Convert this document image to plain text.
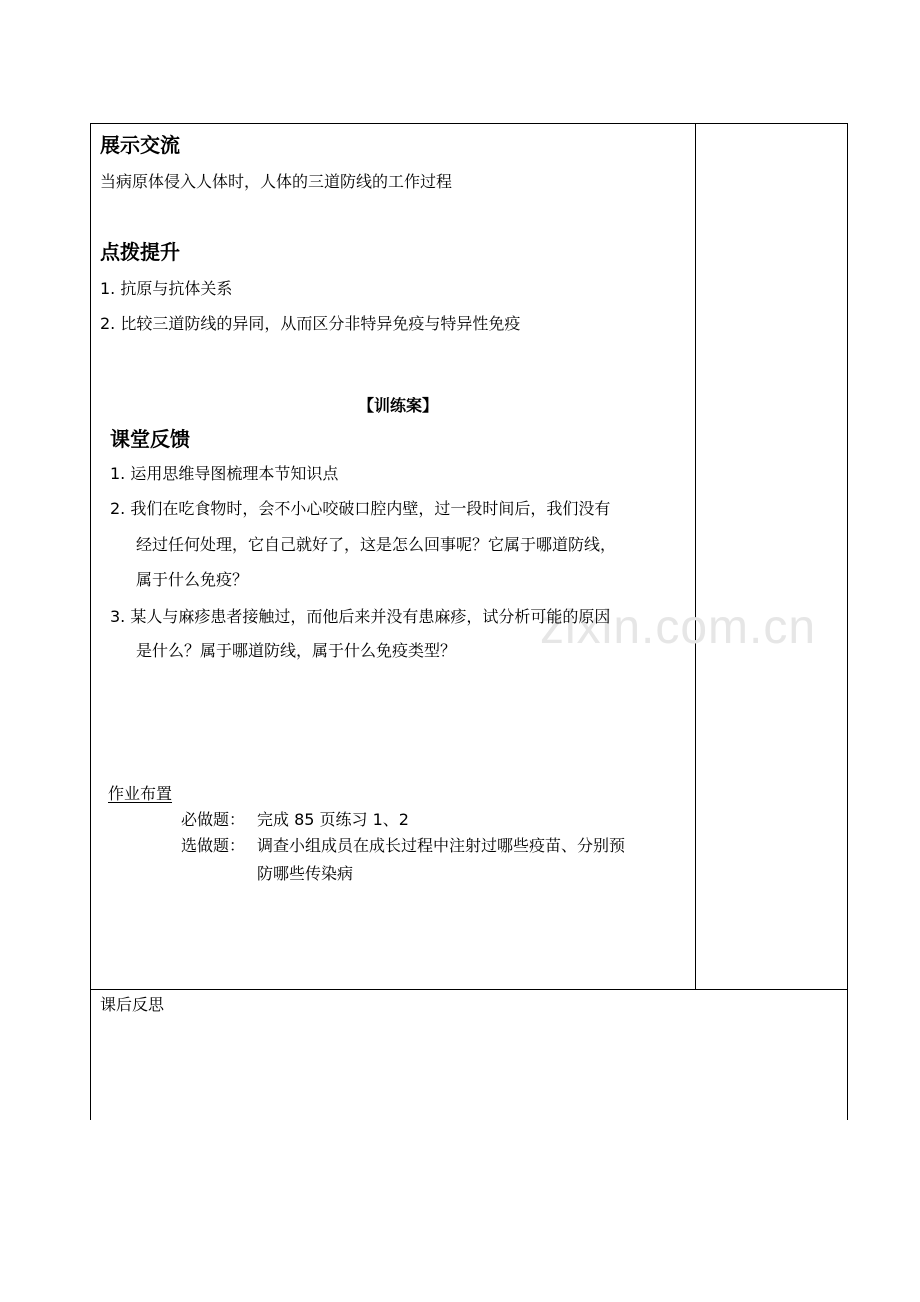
zixin.com.cn
展示交流
当病原体侵入人体时，人体的三道防线的工作过程
点拨提升
1. 抗原与抗体关系
2. 比较三道防线的异同，从而区分非特异免疫与特异性免疫
【训练案】
课堂反馈
1. 运用思维导图梳理本节知识点
2. 我们在吃食物时，会不小心咬破口腔内壁，过一段时间后，我们没有
经过任何处理，它自己就好了，这是怎么回事呢？它属于哪道防线，
属于什么免疫？
3. 某人与麻疹患者接触过，而他后来并没有患麻疹，试分析可能的原因
是什么？属于哪道防线，属于什么免疫类型？
作业布置
必做题： 完成 85 页练习 1、2
选做题： 调查小组成员在成长过程中注射过哪些疫苗、分别预
防哪些传染病
课后反思
